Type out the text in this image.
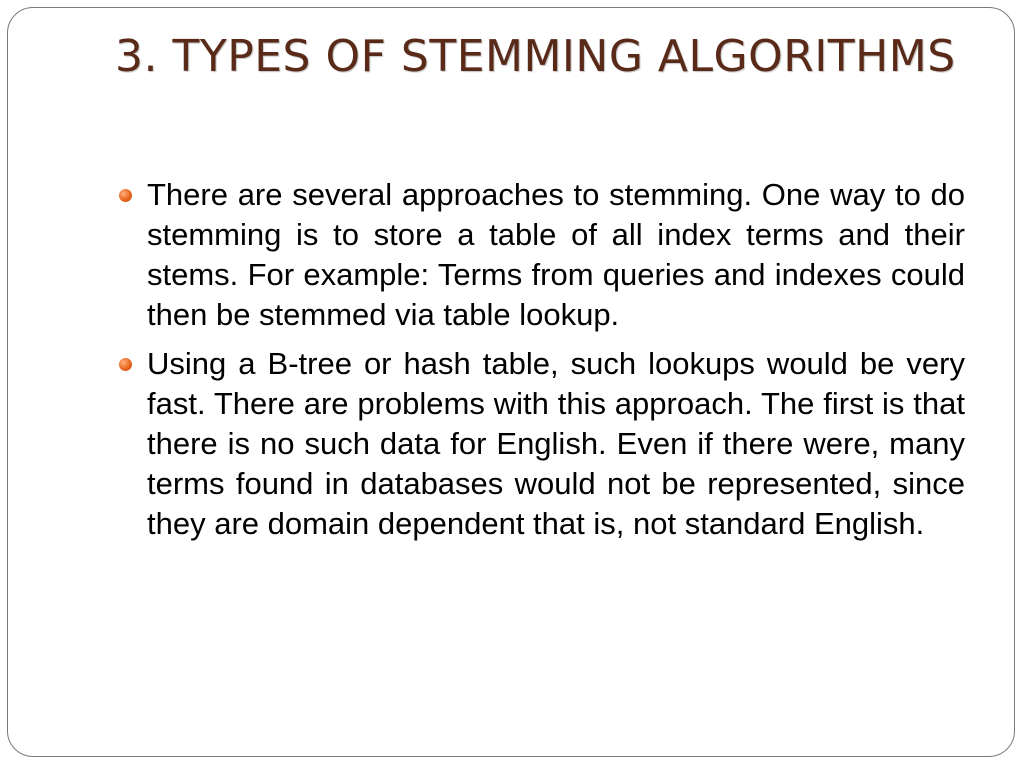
3. TYPES OF STEMMING ALGORITHMS
There are several approaches to stemming. One way to do stemming is to store a table of all index terms and their stems. For example: Terms from queries and indexes could then be stemmed via table lookup.
Using a B-tree or hash table, such lookups would be very fast. There are problems with this approach. The first is that there is no such data for English. Even if there were, many terms found in databases would not be represented, since they are domain dependent that is, not standard English.
